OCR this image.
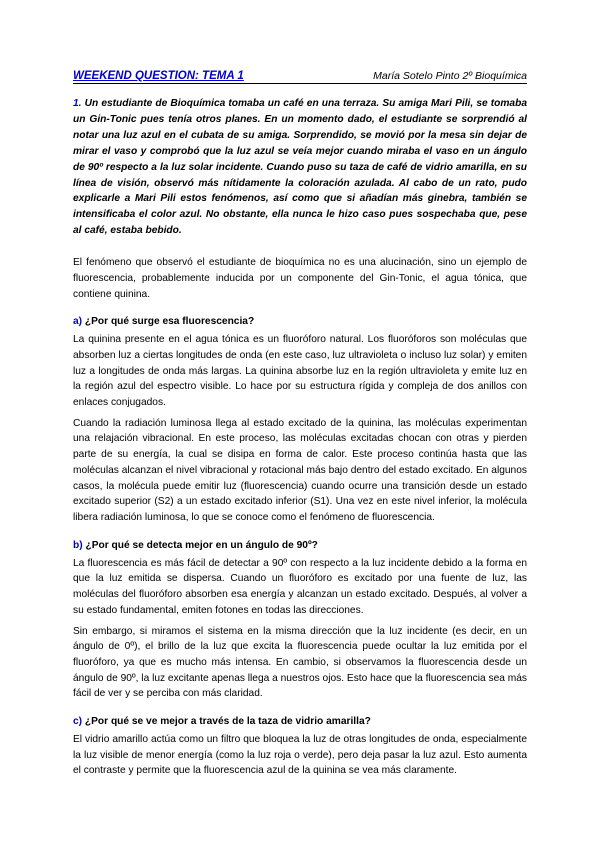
WEEKEND QUESTION: TEMA 1	María Sotelo Pinto 2º Bioquímica
1. Un estudiante de Bioquímica tomaba un café en una terraza. Su amiga Mari Pili, se tomaba un Gin-Tonic pues tenía otros planes. En un momento dado, el estudiante se sorprendió al notar una luz azul en el cubata de su amiga. Sorprendido, se movió por la mesa sin dejar de mirar el vaso y comprobó que la luz azul se veía mejor cuando miraba el vaso en un ángulo de 90º respecto a la luz solar incidente. Cuando puso su taza de café de vidrio amarilla, en su línea de visión, observó más nítidamente la coloración azulada. Al cabo de un rato, pudo explicarle a Mari Pili estos fenómenos, así como que si añadían más ginebra, también se intensificaba el color azul. No obstante, ella nunca le hizo caso pues sospechaba que, pese al café, estaba bebido.

El fenómeno que observó el estudiante de bioquímica no es una alucinación, sino un ejemplo de fluorescencia, probablemente inducida por un componente del Gin-Tonic, el agua tónica, que contiene quinina.

a) ¿Por qué surge esa fluorescencia?

La quinina presente en el agua tónica es un fluoróforo natural. Los fluoróforos son moléculas que absorben luz a ciertas longitudes de onda (en este caso, luz ultravioleta o incluso luz solar) y emiten luz a longitudes de onda más largas. La quinina absorbe luz en la región ultravioleta y emite luz en la región azul del espectro visible. Lo hace por su estructura rígida y compleja de dos anillos con enlaces conjugados.

Cuando la radiación luminosa llega al estado excitado de la quinina, las moléculas experimentan una relajación vibracional. En este proceso, las moléculas excitadas chocan con otras y pierden parte de su energía, la cual se disipa en forma de calor. Este proceso continúa hasta que las moléculas alcanzan el nivel vibracional y rotacional más bajo dentro del estado excitado. En algunos casos, la molécula puede emitir luz (fluorescencia) cuando ocurre una transición desde un estado excitado superior (S2) a un estado excitado inferior (S1). Una vez en este nivel inferior, la molécula libera radiación luminosa, lo que se conoce como el fenómeno de fluorescencia.

b) ¿Por qué se detecta mejor en un ángulo de 90º?

La fluorescencia es más fácil de detectar a 90º con respecto a la luz incidente debido a la forma en que la luz emitida se dispersa. Cuando un fluoróforo es excitado por una fuente de luz, las moléculas del fluoróforo absorben esa energía y alcanzan un estado excitado. Después, al volver a su estado fundamental, emiten fotones en todas las direcciones.

Sin embargo, si miramos el sistema en la misma dirección que la luz incidente (es decir, en un ángulo de 0º), el brillo de la luz que excita la fluorescencia puede ocultar la luz emitida por el fluoróforo, ya que es mucho más intensa. En cambio, si observamos la fluorescencia desde un ángulo de 90º, la luz excitante apenas llega a nuestros ojos. Esto hace que la fluorescencia sea más fácil de ver y se perciba con más claridad.

c) ¿Por qué se ve mejor a través de la taza de vidrio amarilla?

El vidrio amarillo actúa como un filtro que bloquea la luz de otras longitudes de onda, especialmente la luz visible de menor energía (como la luz roja o verde), pero deja pasar la luz azul. Esto aumenta el contraste y permite que la fluorescencia azul de la quinina se vea más claramente.
